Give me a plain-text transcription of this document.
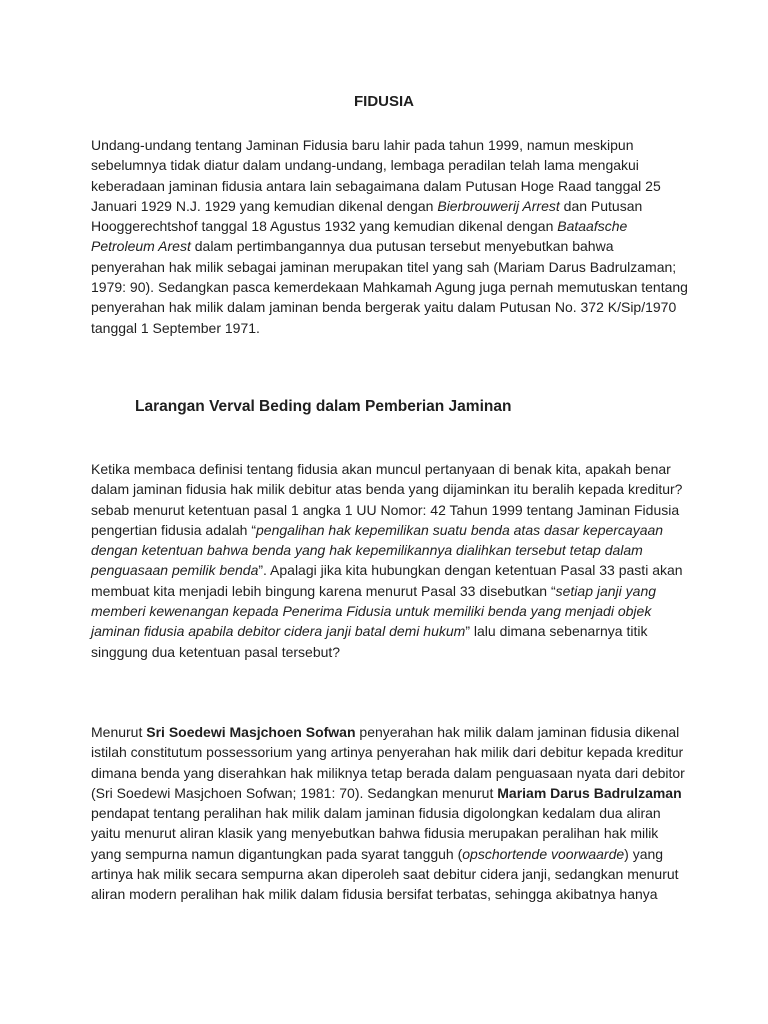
FIDUSIA

Undang-undang tentang Jaminan Fidusia baru lahir pada tahun 1999, namun meskipun sebelumnya tidak diatur dalam undang-undang, lembaga peradilan telah lama mengakui keberadaan jaminan fidusia antara lain sebagaimana dalam Putusan Hoge Raad tanggal 25 Januari 1929 N.J. 1929 yang kemudian dikenal dengan Bierbrouwerij Arrest dan Putusan Hooggerechtshof tanggal 18 Agustus 1932 yang kemudian dikenal dengan Bataafsche Petroleum Arest dalam pertimbangannya dua putusan tersebut menyebutkan bahwa penyerahan hak milik sebagai jaminan merupakan titel yang sah (Mariam Darus Badrulzaman; 1979: 90). Sedangkan pasca kemerdekaan Mahkamah Agung juga pernah memutuskan tentang penyerahan hak milik dalam jaminan benda bergerak yaitu dalam Putusan No. 372 K/Sip/1970 tanggal 1 September 1971.

Larangan Verval Beding dalam Pemberian Jaminan

Ketika membaca definisi tentang fidusia akan muncul pertanyaan di benak kita, apakah benar dalam jaminan fidusia hak milik debitur atas benda yang dijaminkan itu beralih kepada kreditur? sebab menurut ketentuan pasal 1 angka 1 UU Nomor: 42 Tahun 1999 tentang Jaminan Fidusia pengertian fidusia adalah “pengalihan hak kepemilikan suatu benda atas dasar kepercayaan dengan ketentuan bahwa benda yang hak kepemilikannya dialihkan tersebut tetap dalam penguasaan pemilik benda”. Apalagi jika kita hubungkan dengan ketentuan Pasal 33 pasti akan membuat kita menjadi lebih bingung karena menurut Pasal 33 disebutkan “setiap janji yang memberi kewenangan kepada Penerima Fidusia untuk memiliki benda yang menjadi objek jaminan fidusia apabila debitor cidera janji batal demi hukum” lalu dimana sebenarnya titik singgung dua ketentuan pasal tersebut?

Menurut Sri Soedewi Masjchoen Sofwan penyerahan hak milik dalam jaminan fidusia dikenal istilah constitutum possessorium yang artinya penyerahan hak milik dari debitur kepada kreditur dimana benda yang diserahkan hak miliknya tetap berada dalam penguasaan nyata dari debitor (Sri Soedewi Masjchoen Sofwan; 1981: 70). Sedangkan menurut Mariam Darus Badrulzaman pendapat tentang peralihan hak milik dalam jaminan fidusia digolongkan kedalam dua aliran yaitu menurut aliran klasik yang menyebutkan bahwa fidusia merupakan peralihan hak milik yang sempurna namun digantungkan pada syarat tangguh (opschortende voorwaarde) yang artinya hak milik secara sempurna akan diperoleh saat debitur cidera janji, sedangkan menurut aliran modern peralihan hak milik dalam fidusia bersifat terbatas, sehingga akibatnya hanya
